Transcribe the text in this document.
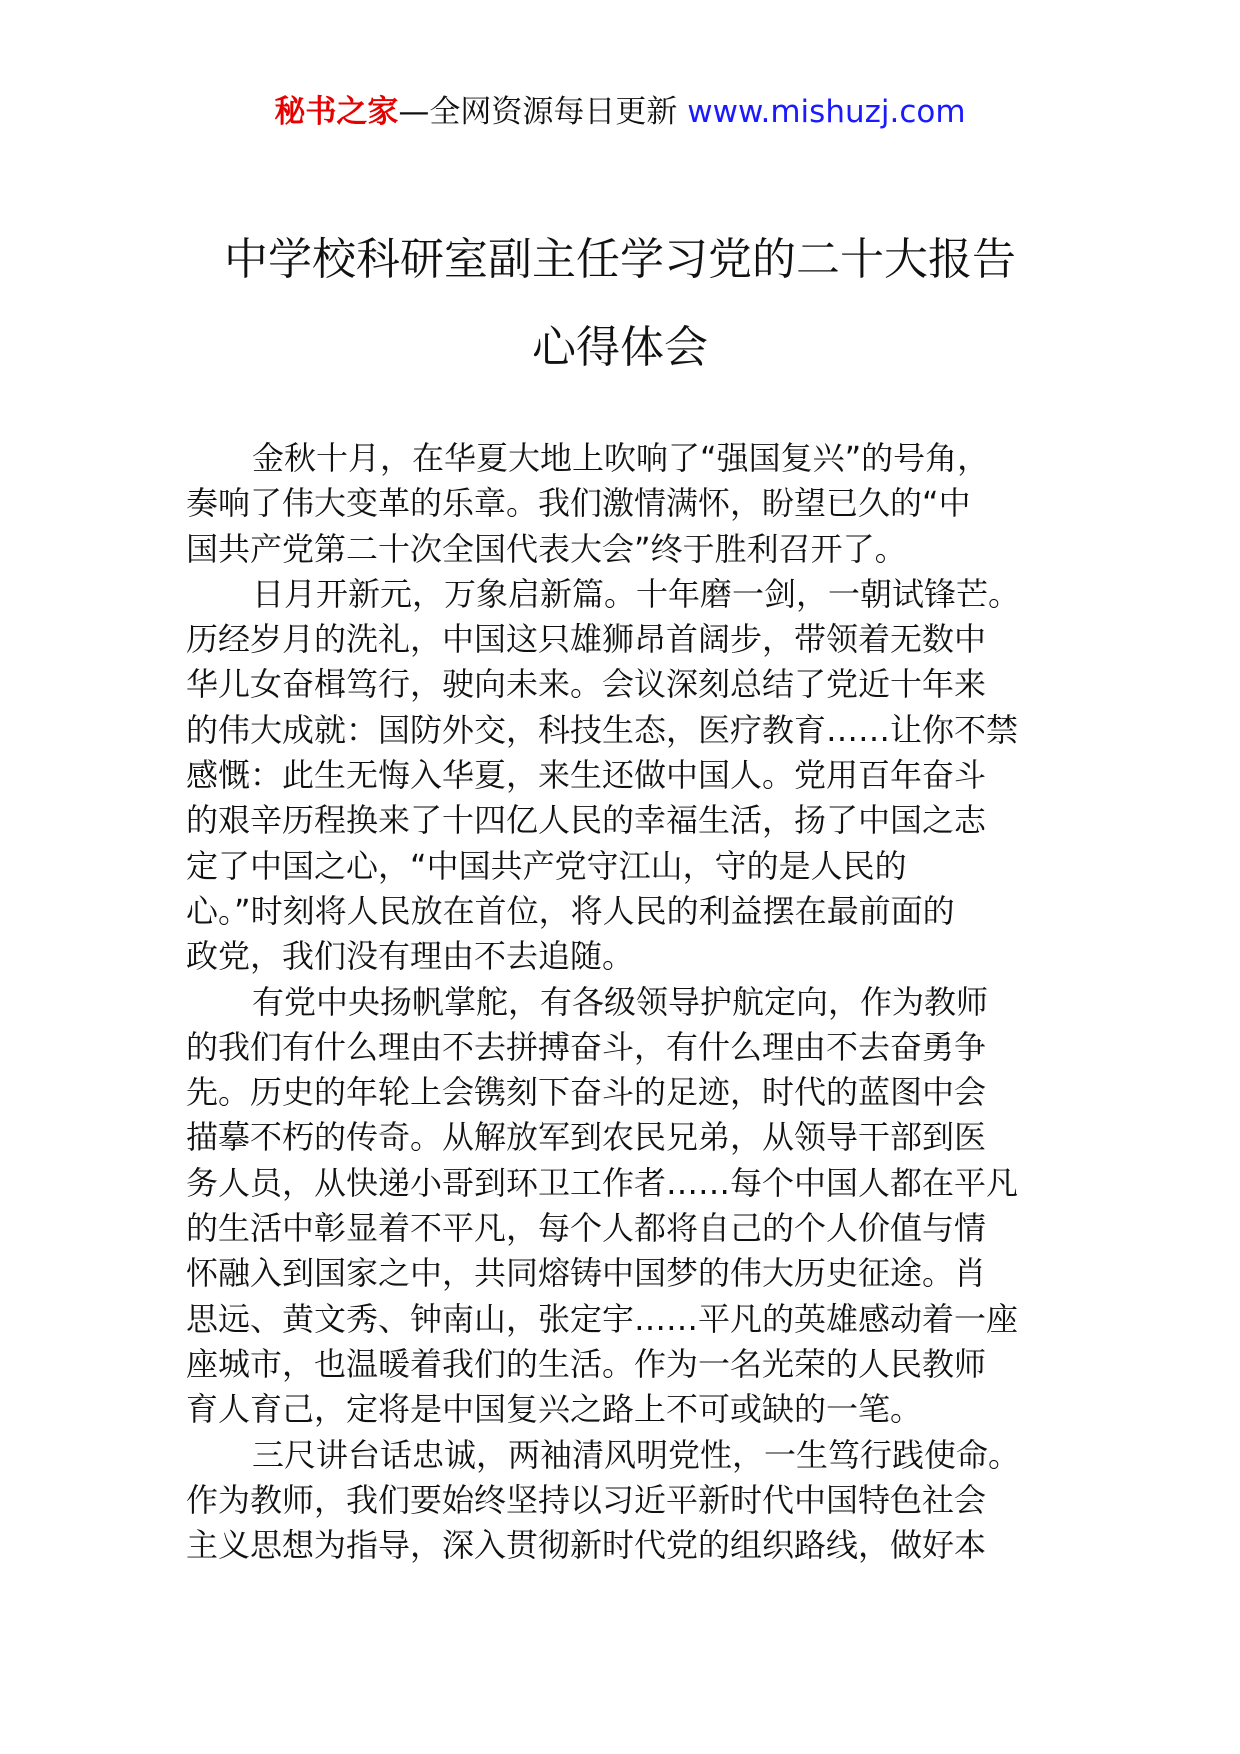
秘书之家—全网资源每日更新 www.mishuzj.com
中学校科研室副主任学习党的二十大报告
心得体会
金秋十月，在华夏大地上吹响了“强国复兴”的号角，
奏响了伟大变革的乐章。我们激情满怀，盼望已久的“中
国共产党第二十次全国代表大会”终于胜利召开了。
日月开新元，万象启新篇。十年磨一剑，一朝试锋芒。
历经岁月的洗礼，中国这只雄狮昂首阔步，带领着无数中
华儿女奋楫笃行，驶向未来。会议深刻总结了党近十年来
的伟大成就：国防外交，科技生态，医疗教育……让你不禁
感慨：此生无悔入华夏，来生还做中国人。党用百年奋斗
的艰辛历程换来了十四亿人民的幸福生活，扬了中国之志
定了中国之心，“中国共产党守江山，守的是人民的
心。”时刻将人民放在首位，将人民的利益摆在最前面的
政党，我们没有理由不去追随。
有党中央扬帆掌舵，有各级领导护航定向，作为教师
的我们有什么理由不去拼搏奋斗，有什么理由不去奋勇争
先。历史的年轮上会镌刻下奋斗的足迹，时代的蓝图中会
描摹不朽的传奇。从解放军到农民兄弟，从领导干部到医
务人员，从快递小哥到环卫工作者……每个中国人都在平凡
的生活中彰显着不平凡，每个人都将自己的个人价值与情
怀融入到国家之中，共同熔铸中国梦的伟大历史征途。肖
思远、黄文秀、钟南山，张定宇……平凡的英雄感动着一座
座城市，也温暖着我们的生活。作为一名光荣的人民教师
育人育己，定将是中国复兴之路上不可或缺的一笔。
三尺讲台话忠诚，两袖清风明党性，一生笃行践使命。
作为教师，我们要始终坚持以习近平新时代中国特色社会
主义思想为指导，深入贯彻新时代党的组织路线，做好本
